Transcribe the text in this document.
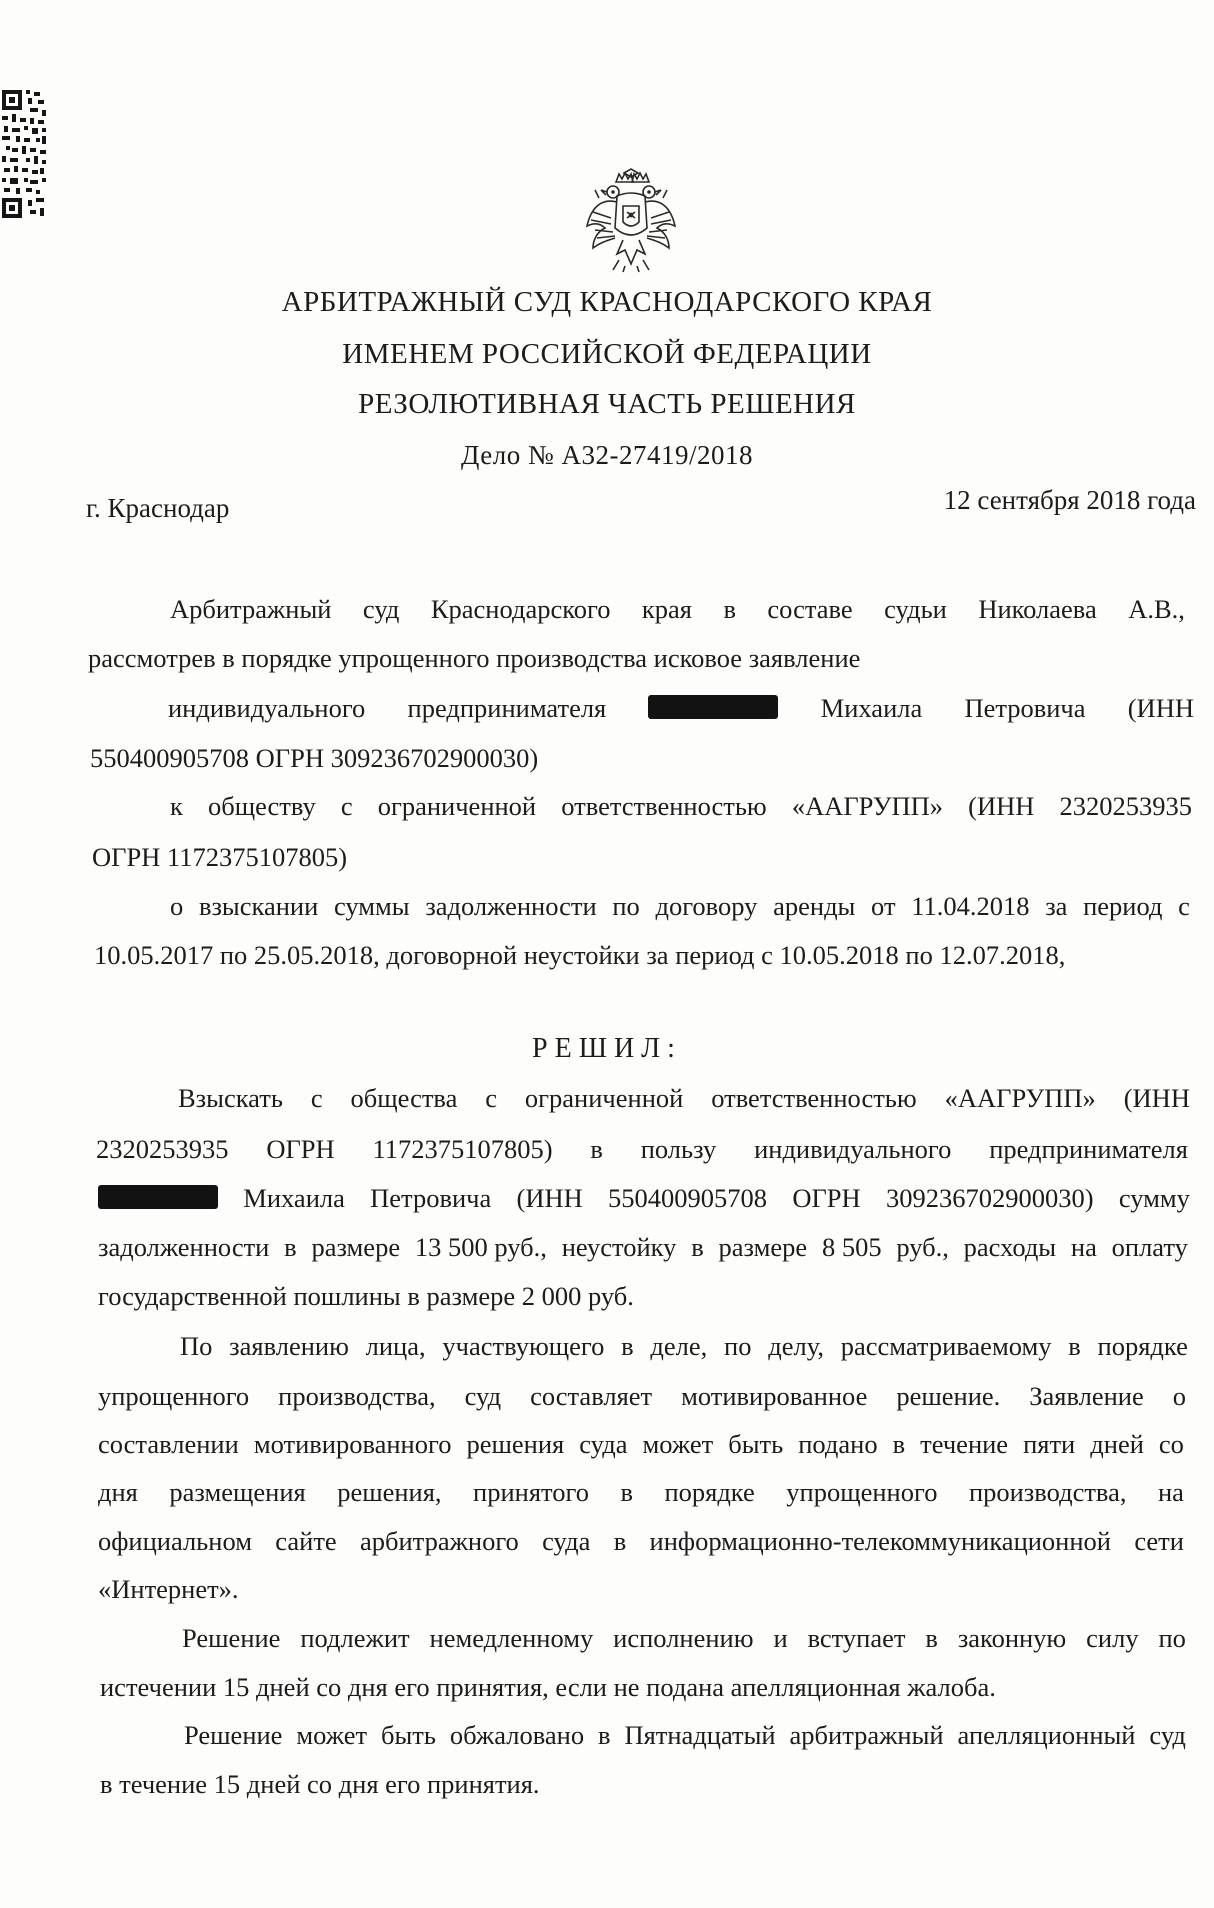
АРБИТРАЖНЫЙ СУД КРАСНОДАРСКОГО КРАЯ
ИМЕНЕМ РОССИЙСКОЙ ФЕДЕРАЦИИ
РЕЗОЛЮТИВНАЯ ЧАСТЬ РЕШЕНИЯ
Дело № А32-27419/2018
г. Краснодар	12 сентября 2018 года
Арбитражный суд Краснодарского края в составе судьи Николаева А.В.,
рассмотрев в порядке упрощенного производства исковое заявление
индивидуального предпринимателя	Михаила Петровича (ИНН
550400905708 ОГРН 309236702900030)
к обществу с ограниченной ответственностью «ААГРУПП» (ИНН 2320253935
ОГРН 1172375107805)
о взыскании суммы задолженности по договору аренды от 11.04.2018 за период с
10.05.2017 по 25.05.2018, договорной неустойки за период с 10.05.2018 по 12.07.2018,
РЕШИЛ:
Взыскать с общества с ограниченной ответственностью «ААГРУПП» (ИНН
2320253935 ОГРН 1172375107805) в пользу индивидуального предпринимателя
Михаила Петровича (ИНН 550400905708 ОГРН 309236702900030) сумму
задолженности в размере 13 500 руб., неустойку в размере 8 505 руб., расходы на оплату
государственной пошлины в размере 2 000 руб.
По заявлению лица, участвующего в деле, по делу, рассматриваемому в порядке
упрощенного производства, суд составляет мотивированное решение. Заявление о
составлении мотивированного решения суда может быть подано в течение пяти дней со
дня размещения решения, принятого в порядке упрощенного производства, на
официальном сайте арбитражного суда в информационно-телекоммуникационной сети
«Интернет».
Решение подлежит немедленному исполнению и вступает в законную силу по
истечении 15 дней со дня его принятия, если не подана апелляционная жалоба.
Решение может быть обжаловано в Пятнадцатый арбитражный апелляционный суд
в течение 15 дней со дня его принятия.
